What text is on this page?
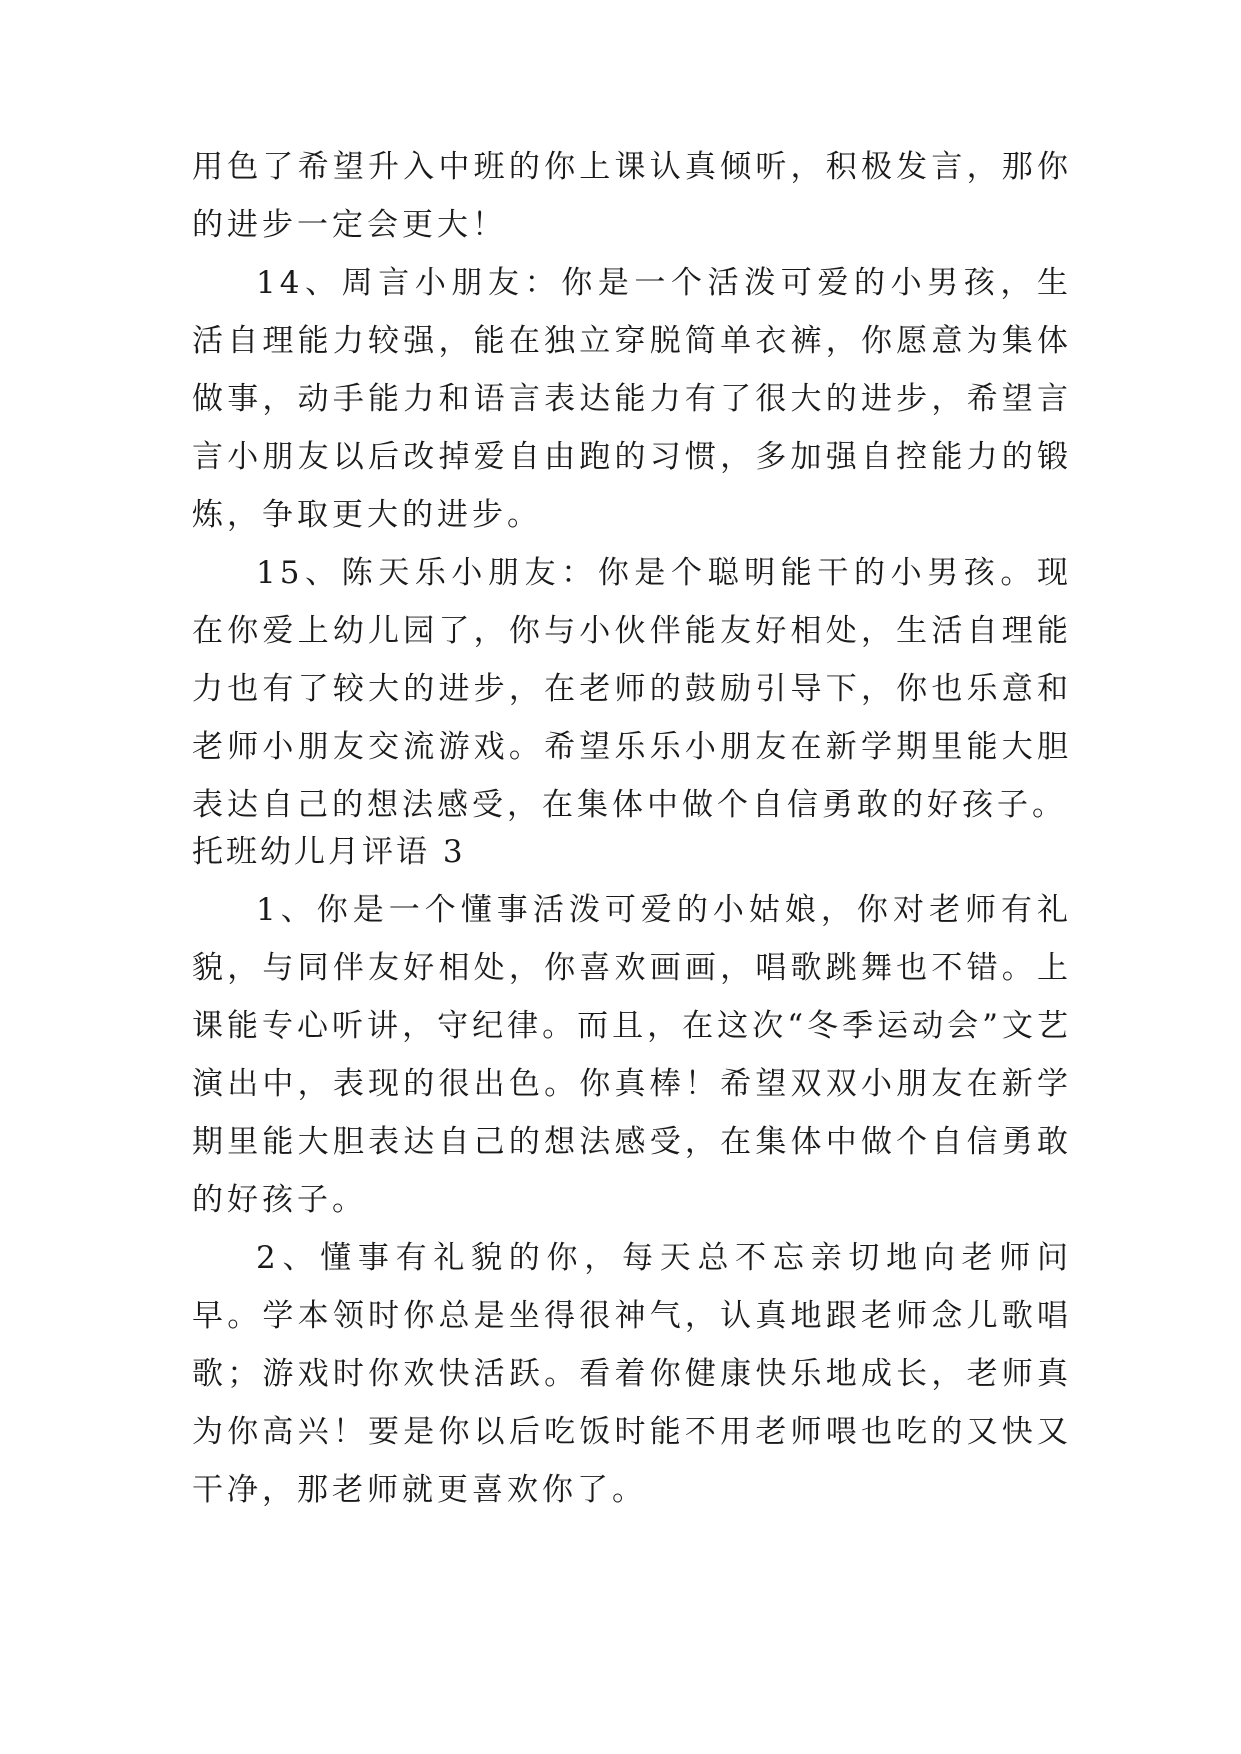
用色了希望升入中班的你上课认真倾听，积极发言，那你的进步一定会更大！

14、周言小朋友：你是一个活泼可爱的小男孩，生活自理能力较强，能在独立穿脱简单衣裤，你愿意为集体做事，动手能力和语言表达能力有了很大的进步，希望言言小朋友以后改掉爱自由跑的习惯，多加强自控能力的锻炼，争取更大的进步。

15、陈天乐小朋友：你是个聪明能干的小男孩。现在你爱上幼儿园了，你与小伙伴能友好相处，生活自理能力也有了较大的进步，在老师的鼓励引导下，你也乐意和老师小朋友交流游戏。希望乐乐小朋友在新学期里能大胆表达自己的想法感受，在集体中做个自信勇敢的好孩子。

托班幼儿月评语 3

1、你是一个懂事活泼可爱的小姑娘，你对老师有礼貌，与同伴友好相处，你喜欢画画，唱歌跳舞也不错。上课能专心听讲，守纪律。而且，在这次“冬季运动会”文艺演出中，表现的很出色。你真棒！希望双双小朋友在新学期里能大胆表达自己的想法感受，在集体中做个自信勇敢的好孩子。

2、懂事有礼貌的你，每天总不忘亲切地向老师问早。学本领时你总是坐得很神气，认真地跟老师念儿歌唱歌；游戏时你欢快活跃。看着你健康快乐地成长，老师真为你高兴！要是你以后吃饭时能不用老师喂也吃的又快又干净，那老师就更喜欢你了。
